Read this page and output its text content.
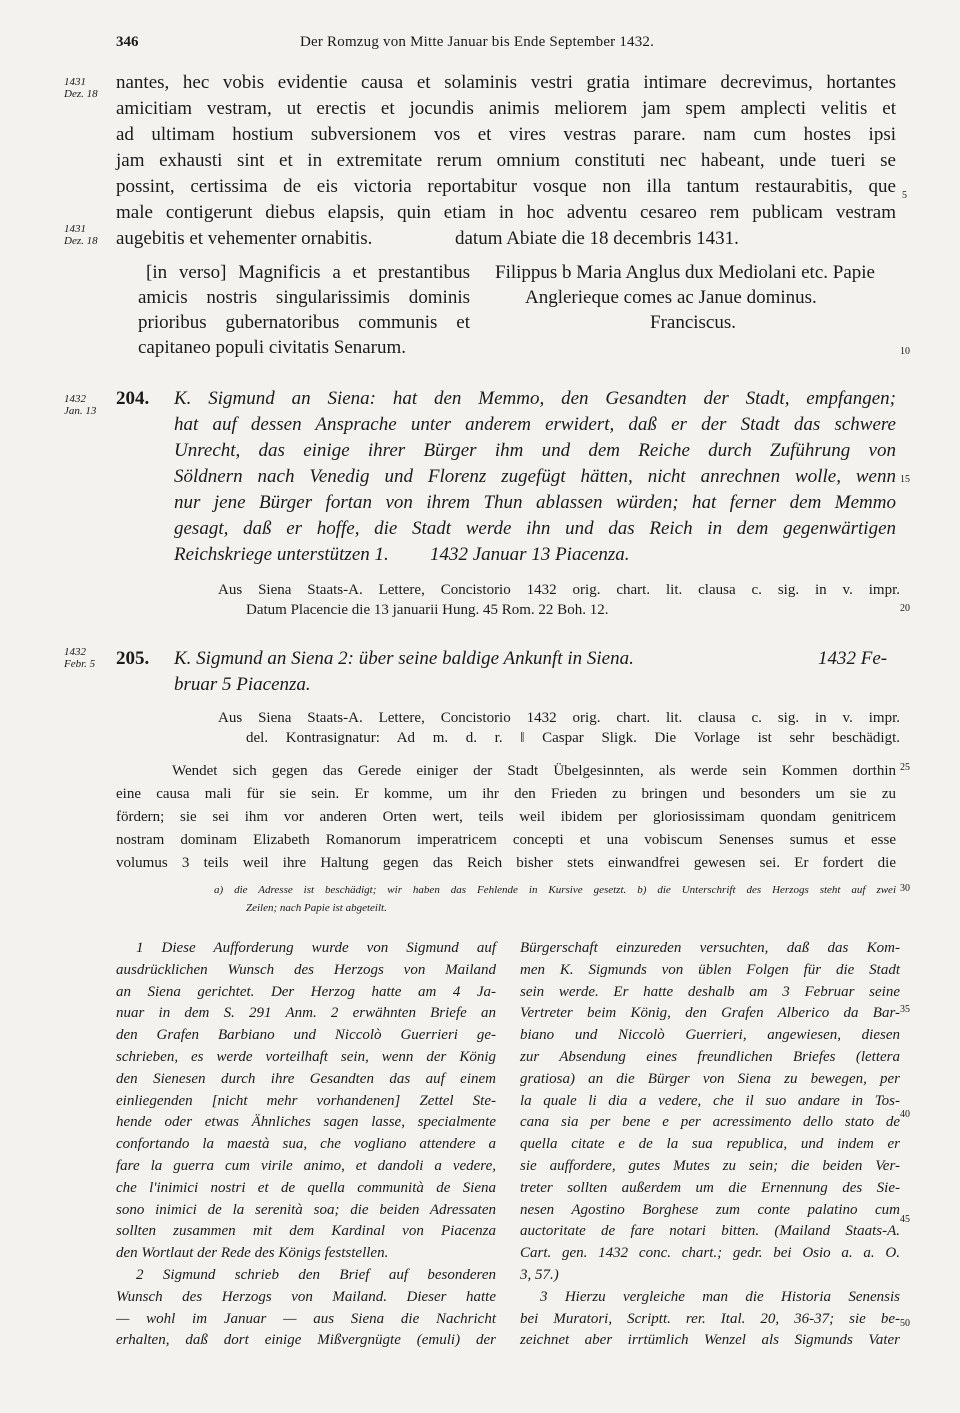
346	Der Romzug von Mitte Januar bis Ende September 1432.
1431
Dez. 18
1431
Dez. 18
1432
Jan. 13
1432
Febr. 5
5
10
15
20
25
30
35
40
45
50
nantes, hec vobis evidentie causa et solaminis vestri gratia intimare decrevimus, hortantes
amicitiam vestram, ut erectis et jocundis animis meliorem jam spem amplecti velitis et
ad ultimam hostium subversionem vos et vires vestras parare. nam cum hostes ipsi
jam exhausti sint et in extremitate rerum omnium constituti nec habeant, unde tueri se
possint, certissima de eis victoria reportabitur vosque non illa tantum restaurabitis, que
male contigerunt diebus elapsis, quin etiam in hoc adventu cesareo rem publicam vestram
augebitis et vehementer ornabitis.	datum Abiate die 18 decembris 1431.
[in verso] Magnificis a et prestantibus
amicis nostris singularissimis dominis
prioribus gubernatoribus communis et
capitaneo populi civitatis Senarum.
Filippus b Maria Anglus dux Mediolani etc. Papie
Anglerieque comes ac Janue dominus.
Franciscus.
204. K. Sigmund an Siena: hat den Memmo, den Gesandten der Stadt, empfangen;
hat auf dessen Ansprache unter anderem erwidert, daß er der Stadt das schwere
Unrecht, das einige ihrer Bürger ihm und dem Reiche durch Zuführung von
Söldnern nach Venedig und Florenz zugefügt hätten, nicht anrechnen wolle, wenn
nur jene Bürger fortan von ihrem Thun ablassen würden; hat ferner dem Memmo
gesagt, daß er hoffe, die Stadt werde ihn und das Reich in dem gegenwärtigen
Reichskriege unterstützen 1. 1432 Januar 13 Piacenza.
Aus Siena Staats-A. Lettere, Concistorio 1432 orig. chart. lit. clausa c. sig. in v. impr.
Datum Placencie die 13 januarii Hung. 45 Rom. 22 Boh. 12.
205. K. Sigmund an Siena 2: über seine baldige Ankunft in Siena.	1432 Fe-
bruar 5 Piacenza.
Aus Siena Staats-A. Lettere, Concistorio 1432 orig. chart. lit. clausa c. sig. in v. impr.
del. Kontrasignatur: Ad m. d. r. ‖ Caspar Sligk. Die Vorlage ist sehr beschädigt.
Wendet sich gegen das Gerede einiger der Stadt Übelgesinnten, als werde sein Kommen dorthin
eine causa mali für sie sein. Er komme, um ihr den Frieden zu bringen und besonders um sie zu
fördern; sie sei ihm vor anderen Orten wert, teils weil ibidem per gloriosissimam quondam genitricem
nostram dominam Elizabeth Romanorum imperatricem concepti et una vobiscum Senenses sumus et esse
volumus 3 teils weil ihre Haltung gegen das Reich bisher stets einwandfrei gewesen sei. Er fordert die
a) die Adresse ist beschädigt; wir haben das Fehlende in Kursive gesetzt. b) die Unterschrift des Herzogs steht auf zwei
Zeilen; nach Papie ist abgeteilt.
1 Diese Aufforderung wurde von Sigmund auf
ausdrücklichen Wunsch des Herzogs von Mailand
an Siena gerichtet. Der Herzog hatte am 4 Ja-
nuar in dem S. 291 Anm. 2 erwähnten Briefe an
den Grafen Barbiano und Niccolò Guerrieri ge-
schrieben, es werde vorteilhaft sein, wenn der König
den Sienesen durch ihre Gesandten das auf einem
einliegenden [nicht mehr vorhandenen] Zettel Ste-
hende oder etwas Ähnliches sagen lasse, specialmente
confortando la maestà sua, che vogliano attendere a
fare la guerra cum virile animo, et dandoli a vedere,
che l'inimici nostri et de quella communità de Siena
sono inimici de la serenità soa; die beiden Adressaten
sollten zusammen mit dem Kardinal von Piacenza
den Wortlaut der Rede des Königs feststellen.
2 Sigmund schrieb den Brief auf besonderen
Wunsch des Herzogs von Mailand. Dieser hatte
— wohl im Januar — aus Siena die Nachricht
erhalten, daß dort einige Mißvergnügte (emuli) der
Bürgerschaft einzureden versuchten, daß das Kom-
men K. Sigmunds von üblen Folgen für die Stadt
sein werde. Er hatte deshalb am 3 Februar seine
Vertreter beim König, den Grafen Alberico da Bar-
biano und Niccolò Guerrieri, angewiesen, diesen
zur Absendung eines freundlichen Briefes (lettera
gratiosa) an die Bürger von Siena zu bewegen, per
la quale li dia a vedere, che il suo andare in Tos-
cana sia per bene e per acressimento dello stato de
quella citate e de la sua republica, und indem er
sie auffordere, gutes Mutes zu sein; die beiden Ver-
treter sollten außerdem um die Ernennung des Sie-
nesen Agostino Borghese zum conte palatino cum
auctoritate de fare notari bitten. (Mailand Staats-A.
Cart. gen. 1432 conc. chart.; gedr. bei Osio a. a. O.
3, 57.)
3 Hierzu vergleiche man die Historia Senensis
bei Muratori, Scriptt. rer. Ital. 20, 36-37; sie be-
zeichnet aber irrtümlich Wenzel als Sigmunds Vater
